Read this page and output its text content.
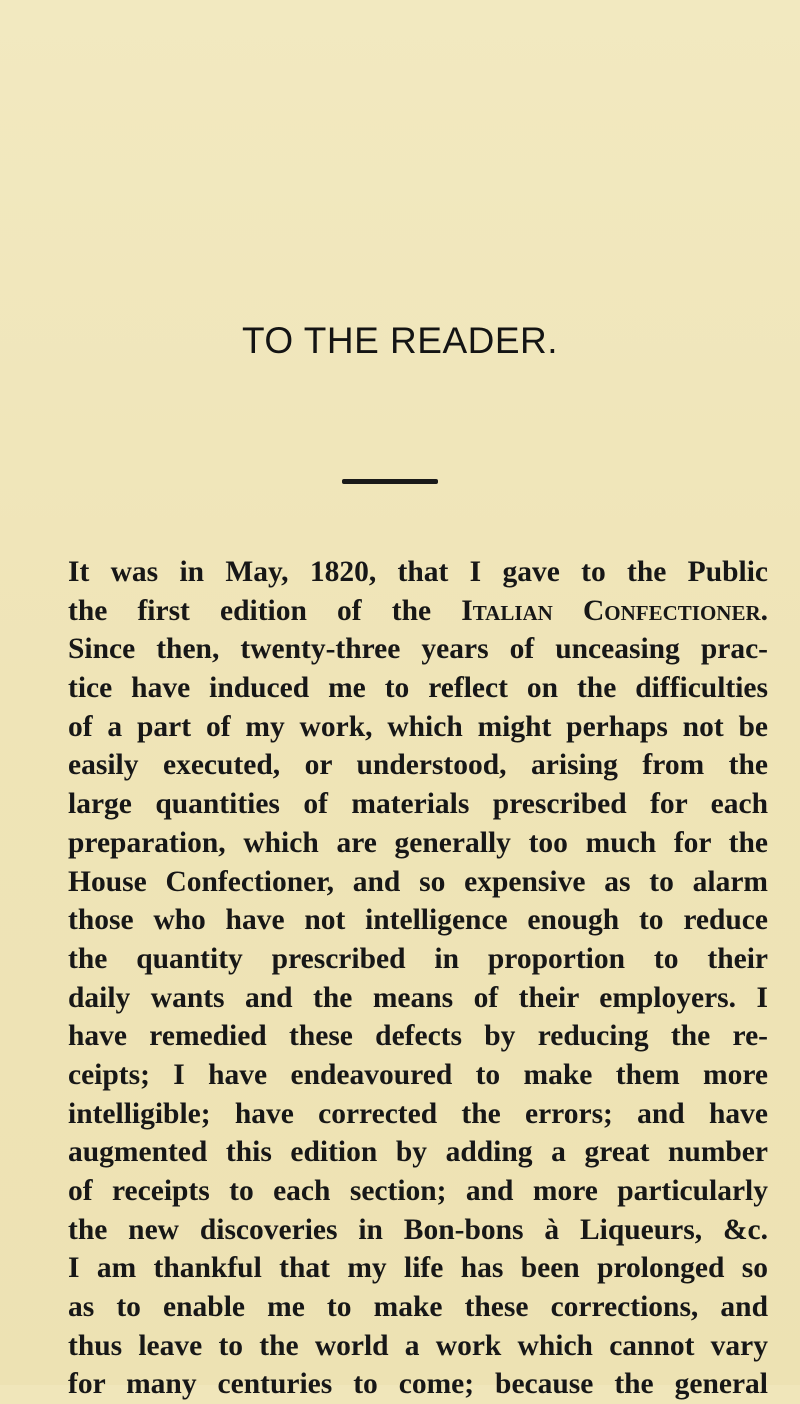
TO THE READER.
It was in May, 1820, that I gave to the Public
the first edition of the Italian Confectioner.
Since then, twenty-three years of unceasing prac-
tice have induced me to reflect on the difficulties
of a part of my work, which might perhaps not be
easily executed, or understood, arising from the
large quantities of materials prescribed for each
preparation, which are generally too much for the
House Confectioner, and so expensive as to alarm
those who have not intelligence enough to reduce
the quantity prescribed in proportion to their
daily wants and the means of their employers. I
have remedied these defects by reducing the re-
ceipts; I have endeavoured to make them more
intelligible; have corrected the errors; and have
augmented this edition by adding a great number
of receipts to each section; and more particularly
the new discoveries in Bon-bons à Liqueurs, &c.
I am thankful that my life has been prolonged so
as to enable me to make these corrections, and
thus leave to the world a work which cannot vary
for many centuries to come; because the general
